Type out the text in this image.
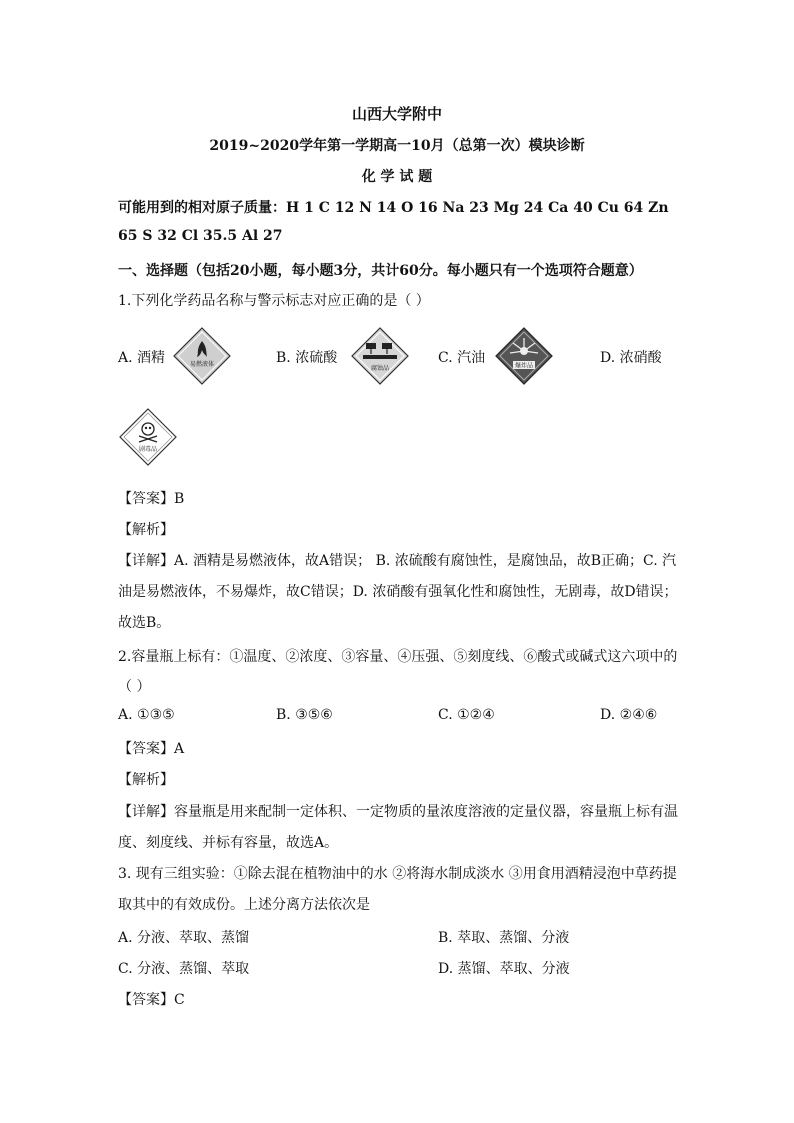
山西大学附中
2019~2020学年第一学期高一10月（总第一次）模块诊断
化 学 试 题
可能用到的相对原子质量：H 1 C 12 N 14 O 16 Na 23 Mg 24 Ca 40 Cu 64 Zn
65 S 32 Cl 35.5 Al 27
一、选择题（包括20小题，每小题3分，共计60分。每小题只有一个选项符合题意）
1.下列化学药品名称与警示标志对应正确的是（ ）
A. 酒精	易燃液体	B. 浓硫酸
腐蚀品
C. 汽油	爆炸品	D. 浓硝酸
剧毒品
【答案】B
【解析】
【详解】A. 酒精是易燃液体，故A错误； B. 浓硫酸有腐蚀性，是腐蚀品，故B正确；C. 汽
油是易燃液体，不易爆炸，故C错误；D. 浓硝酸有强氧化性和腐蚀性，无剧毒，故D错误；
故选B。
2.容量瓶上标有：①温度、②浓度、③容量、④压强、⑤刻度线、⑥酸式或碱式这六项中的
（ ）
A. ①③⑤	B. ③⑤⑥	C. ①②④	D. ②④⑥
【答案】A
【解析】
【详解】容量瓶是用来配制一定体积、一定物质的量浓度溶液的定量仪器，容量瓶上标有温
度、刻度线、并标有容量，故选A。
3. 现有三组实验：①除去混在植物油中的水 ②将海水制成淡水 ③用食用酒精浸泡中草药提
取其中的有效成份。上述分离方法依次是
A. 分液、萃取、蒸馏	B. 萃取、蒸馏、分液
C. 分液、蒸馏、萃取	D. 蒸馏、萃取、分液
【答案】C
